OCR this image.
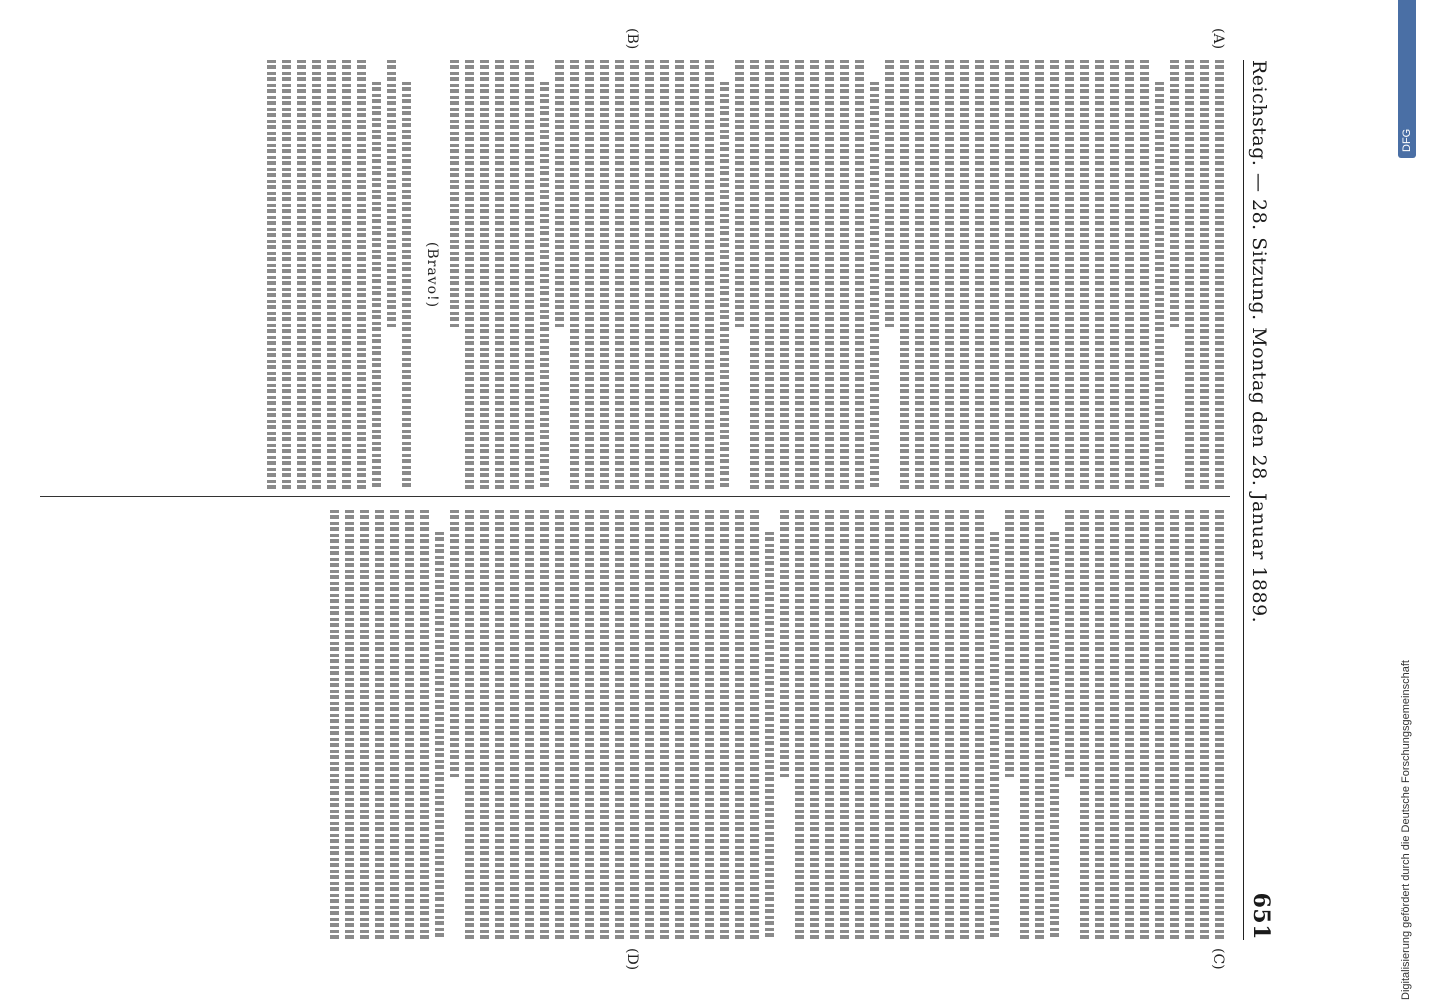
Reichstag. — 28. Sitzung. Montag den 28. Januar 1889.
651
(A)
(B)
(C)
(D)
(Bravo!)
DFG
Digitalisierung gefördert durch die Deutsche Forschungsgemeinschaft
